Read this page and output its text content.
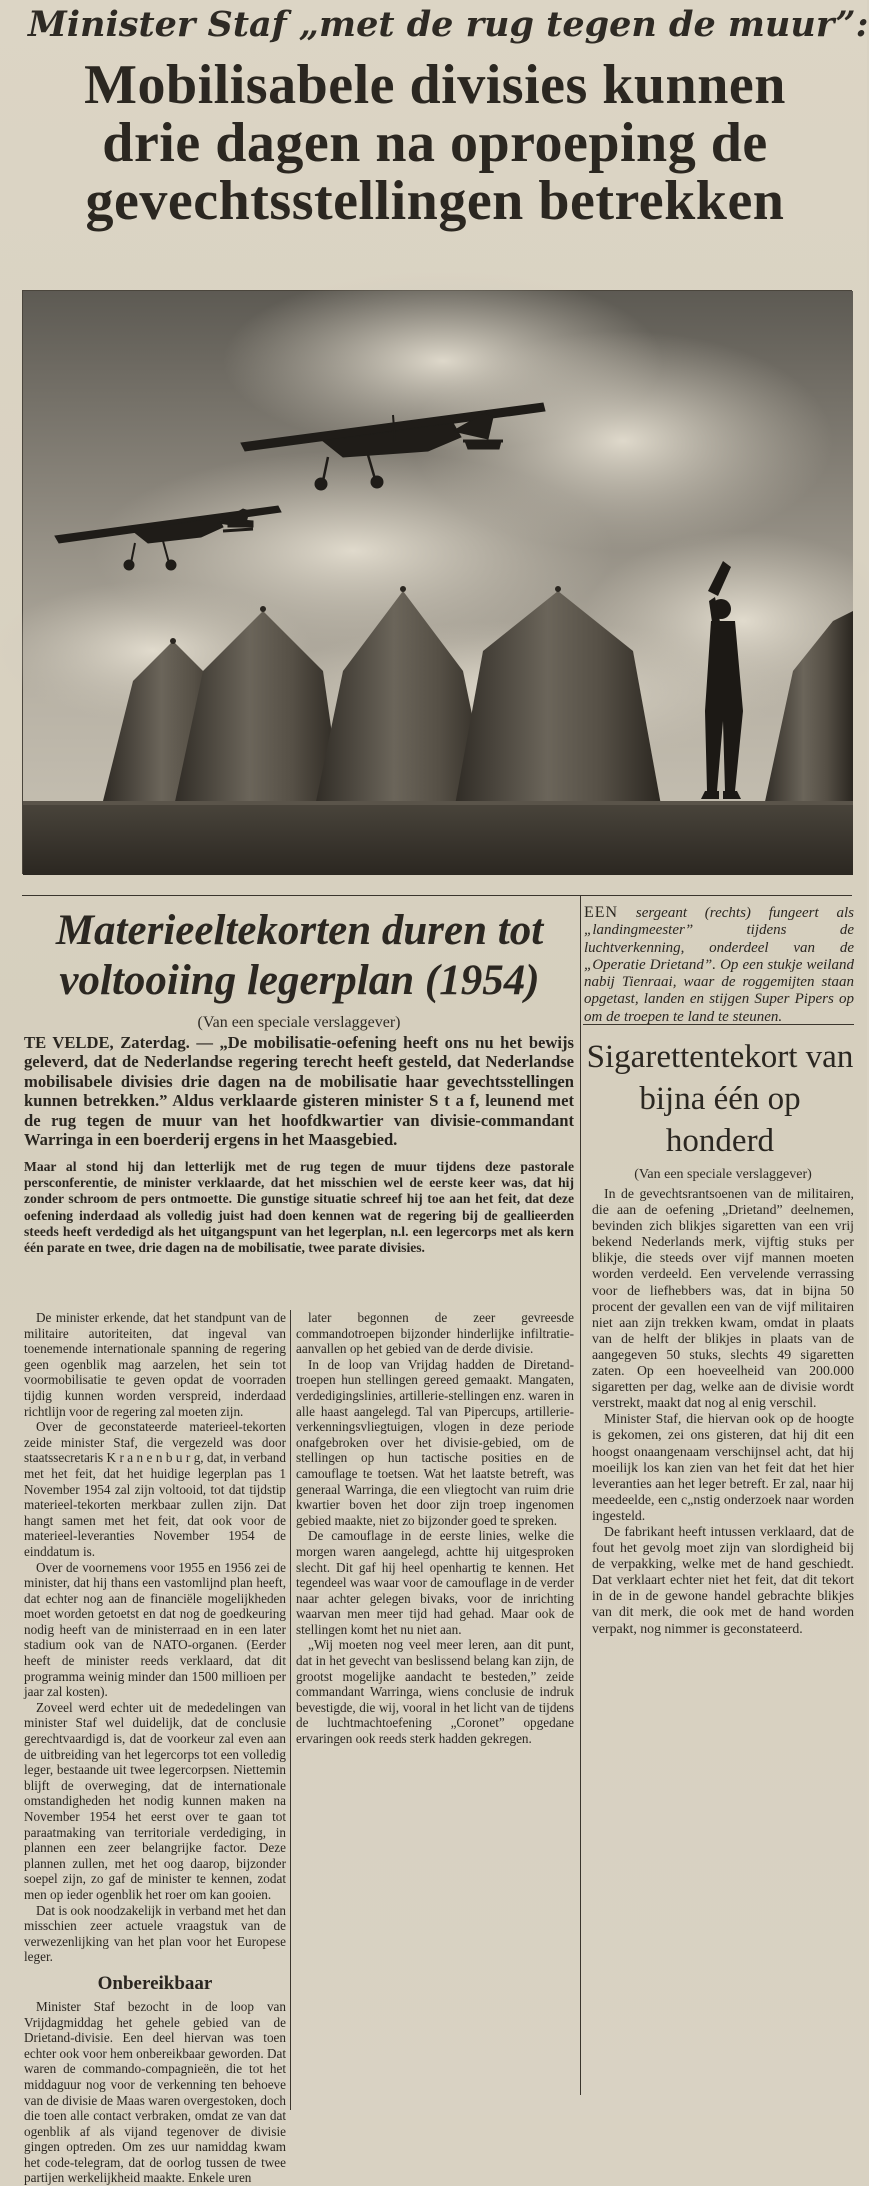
Minister Staf „met de rug tegen de muur”:
Mobilisabele divisies kunnen
drie dagen na oproeping de
gevechtsstellingen betrekken
Materieeltekorten duren tot voltooiing legerplan (1954)
(Van een speciale verslaggever)
TE VELDE, Zaterdag. — „De mobilisatie-oefening heeft ons nu het bewijs geleverd, dat de Nederlandse regering terecht heeft gesteld, dat Nederlandse mobilisabele divisies drie dagen na de mobilisatie haar gevechtsstellingen kunnen betrekken.” Aldus verklaarde gisteren minister S t a f, leunend met de rug tegen de muur van het hoofdkwartier van divisie-commandant Warringa in een boerderij ergens in het Maasgebied.
Maar al stond hij dan letterlijk met de rug tegen de muur tijdens deze pastorale persconferentie, de minister verklaarde, dat het misschien wel de eerste keer was, dat hij zonder schroom de pers ontmoette. Die gunstige situatie schreef hij toe aan het feit, dat deze oefening inderdaad als volledig juist had doen kennen wat de regering bij de geallieerden steeds heeft verdedigd als het uitgangspunt van het legerplan, n.l. een legercorps met als kern één parate en twee, drie dagen na de mobilisatie, twee parate divisies.

De minister erkende, dat het standpunt van de militaire autoriteiten, dat ingeval van toenemende internationale spanning de regering geen ogenblik mag aarzelen, het sein tot voormobilisatie te geven opdat de voorraden tijdig kunnen worden verspreid, inderdaad richtlijn voor de regering zal moeten zijn.

Over de geconstateerde materieel-tekorten zeide minister Staf, die vergezeld was door staatssecretaris K r a n e n b u r g, dat, in verband met het feit, dat het huidige legerplan pas 1 November 1954 zal zijn voltooid, tot dat tijdstip materieel-tekorten merkbaar zullen zijn. Dat hangt samen met het feit, dat ook voor de materieel-leveranties November 1954 de einddatum is.

Over de voornemens voor 1955 en 1956 zei de minister, dat hij thans een vastomlijnd plan heeft, dat echter nog aan de financiële mogelijkheden moet worden getoetst en dat nog de goedkeuring nodig heeft van de ministerraad en in een later stadium ook van de NATO-organen. (Eerder heeft de minister reeds verklaard, dat dit programma weinig minder dan 1500 millioen per jaar zal kosten).

Zoveel werd echter uit de mededelingen van minister Staf wel duidelijk, dat de conclusie gerechtvaardigd is, dat de voorkeur zal even aan de uitbreiding van het legercorps tot een volledig leger, bestaande uit twee legercorpsen. Niettemin blijft de overweging, dat de internationale omstandigheden het nodig kunnen maken na November 1954 het eerst over te gaan tot paraatmaking van territoriale verdediging, in plannen een zeer belangrijke factor. Deze plannen zullen, met het oog daarop, bijzonder soepel zijn, zo gaf de minister te kennen, zodat men op ieder ogenblik het roer om kan gooien.

Dat is ook noodzakelijk in verband met het dan misschien zeer actuele vraagstuk van de verwezenlijking van het plan voor het Europese leger.

Onbereikbaar

Minister Staf bezocht in de loop van Vrijdagmiddag het gehele gebied van de Drietand-divisie. Een deel hiervan was toen echter ook voor hem onbereikbaar geworden. Dat waren de commando-compagnieën, die tot het middaguur nog voor de verkenning ten behoeve van de divisie de Maas waren overgestoken, doch die toen alle contact verbraken, omdat ze van dat ogenblik af als vijand tegenover de divisie gingen optreden. Om zes uur namiddag kwam het code-telegram, dat de oorlog tussen de twee partijen werkelijkheid maakte. Enkele uren

later begonnen de zeer gevreesde commandotroepen bijzonder hinderlijke infiltratie-aanvallen op het gebied van de derde divisie.

In de loop van Vrijdag hadden de Diretand-troepen hun stellingen gereed gemaakt. Mangaten, verdedigingslinies, artillerie-stellingen enz. waren in alle haast aangelegd. Tal van Pipercups, artillerie-verkenningsvliegtuigen, vlogen in deze periode onafgebroken over het divisie-gebied, om de stellingen op hun tactische posities en de camouflage te toetsen. Wat het laatste betreft, was generaal Warringa, die een vliegtocht van ruim drie kwartier boven het door zijn troep ingenomen gebied maakte, niet zo bijzonder goed te spreken.

De camouflage in de eerste linies, welke die morgen waren aangelegd, achtte hij uitgesproken slecht. Dit gaf hij heel openhartig te kennen. Het tegendeel was waar voor de camouflage in de verder naar achter gelegen bivaks, voor de inrichting waarvan men meer tijd had gehad. Maar ook de stellingen komt het nu niet aan.

„Wij moeten nog veel meer leren, aan dit punt, dat in het gevecht van beslissend belang kan zijn, de grootst mogelijke aandacht te besteden,” zeide commandant Warringa, wiens conclusie de indruk bevestigde, die wij, vooral in het licht van de tijdens de luchtmachtoefening „Coronet” opgedane ervaringen ook reeds sterk hadden gekregen.

EEN sergeant (rechts) fungeert als „landingmeester” tijdens de luchtverkenning, onderdeel van de „Operatie Drietand”. Op een stukje weiland nabij Tienraai, waar de roggemijten staan opgetast, landen en stijgen Super Pipers op om de troepen te land te steunen.
Sigarettentekort van bijna één op honderd
(Van een speciale verslaggever)

In de gevechtsrantsoenen van de militairen, die aan de oefening „Drietand” deelnemen, bevinden zich blikjes sigaretten van een vrij bekend Nederlands merk, vijftig stuks per blikje, die steeds over vijf mannen moeten worden verdeeld. Een vervelende verrassing voor de liefhebbers was, dat in bijna 50 procent der gevallen een van de vijf militairen niet aan zijn trekken kwam, omdat in plaats van de helft der blikjes in plaats van de aangegeven 50 stuks, slechts 49 sigaretten zaten. Op een hoeveelheid van 200.000 sigaretten per dag, welke aan de divisie wordt verstrekt, maakt dat nog al enig verschil.

Minister Staf, die hiervan ook op de hoogte is gekomen, zei ons gisteren, dat hij dit een hoogst onaangenaam verschijnsel acht, dat hij moeilijk los kan zien van het feit dat het hier leveranties aan het leger betreft. Er zal, naar hij meedeelde, een c„nstig onderzoek naar worden ingesteld.

De fabrikant heeft intussen verklaard, dat de fout het gevolg moet zijn van slordigheid bij de verpakking, welke met de hand geschiedt. Dat verklaart echter niet het feit, dat dit tekort in de in de gewone handel gebrachte blikjes van dit merk, die ook met de hand worden verpakt, nog nimmer is geconstateerd.
